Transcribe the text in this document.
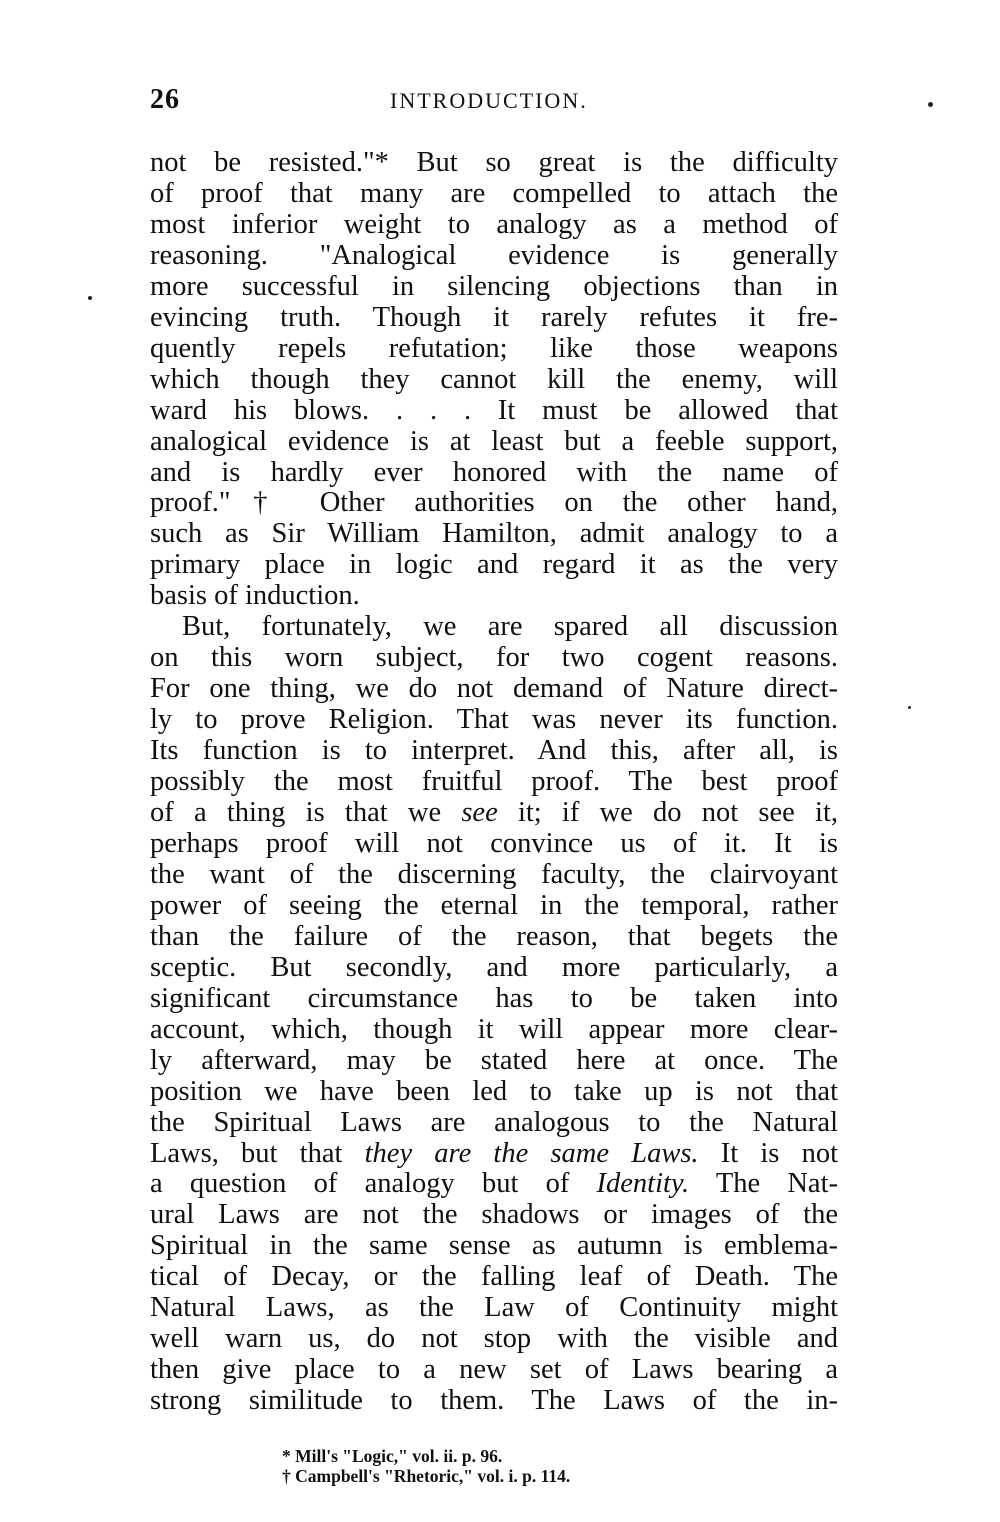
26	INTRODUCTION.
not be resisted."* But so great is the difficulty
of proof that many are compelled to attach the
most inferior weight to analogy as a method of
reasoning. "Analogical evidence is generally
more successful in silencing objections than in
evincing truth. Though it rarely refutes it fre-
quently repels refutation; like those weapons
which though they cannot kill the enemy, will
ward his blows. . . . It must be allowed that
analogical evidence is at least but a feeble support,
and is hardly ever honored with the name of
proof."† Other authorities on the other hand,
such as Sir William Hamilton, admit analogy to a
primary place in logic and regard it as the very
basis of induction.
But, fortunately, we are spared all discussion
on this worn subject, for two cogent reasons.
For one thing, we do not demand of Nature direct-
ly to prove Religion. That was never its function.
Its function is to interpret. And this, after all, is
possibly the most fruitful proof. The best proof
of a thing is that we see it; if we do not see it,
perhaps proof will not convince us of it. It is
the want of the discerning faculty, the clairvoyant
power of seeing the eternal in the temporal, rather
than the failure of the reason, that begets the
sceptic. But secondly, and more particularly, a
significant circumstance has to be taken into
account, which, though it will appear more clear-
ly afterward, may be stated here at once. The
position we have been led to take up is not that
the Spiritual Laws are analogous to the Natural
Laws, but that they are the same Laws. It is not
a question of analogy but of Identity. The Nat-
ural Laws are not the shadows or images of the
Spiritual in the same sense as autumn is emblema-
tical of Decay, or the falling leaf of Death. The
Natural Laws, as the Law of Continuity might
well warn us, do not stop with the visible and
then give place to a new set of Laws bearing a
strong similitude to them. The Laws of the in-
* Mill's "Logic," vol. ii. p. 96.
† Campbell's "Rhetoric," vol. i. p. 114.
